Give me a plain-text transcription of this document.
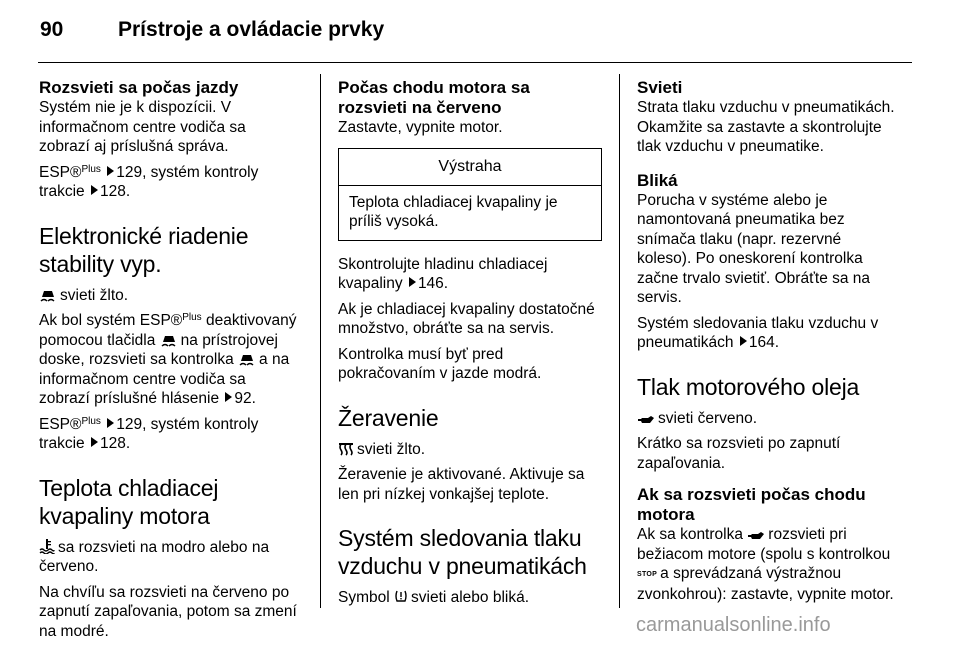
90	Prístroje a ovládacie prvky
Rozsvieti sa počas jazdy

Systém nie je k dispozícii. V
informačnom centre vodiča sa
zobrazí aj príslušná správa.

ESP®$^{Plus}$ 129, systém kontroly
trakcie 128.

Elektronické riadenie
stability vyp.

svieti žlto.

Ak bol systém ESP®$^{Plus}$ deaktivovaný
pomocou tlačidla na prístrojovej
doske, rozsvieti sa kontrolka a na
informačnom centre vodiča sa
zobrazí príslušné hlásenie 92.

ESP®$^{Plus}$ 129, systém kontroly
trakcie 128.

Teplota chladiacej
kvapaliny motora

sa rozsvieti na modro alebo na
červeno.

Na chvíľu sa rozsvieti na červeno po
zapnutí zapaľovania, potom sa zmení
na modré.

Počas chodu motora sa
rozsvieti na červeno

Zastavte, vypnite motor.

Výstraha
Teplota chladiacej kvapaliny je
príliš vysoká.

Skontrolujte hladinu chladiacej
kvapaliny 146.

Ak je chladiacej kvapaliny dostatočné
množstvo, obráťte sa na servis.

Kontrolka musí byť pred
pokračovaním v jazde modrá.

Žeravenie

svieti žlto.

Žeravenie je aktivované. Aktivuje sa
len pri nízkej vonkajšej teplote.

Systém sledovania tlaku
vzduchu v pneumatikách

Symbol svieti alebo bliká.

Svieti

Strata tlaku vzduchu v pneumatikách.
Okamžite sa zastavte a skontrolujte
tlak vzduchu v pneumatike.

Bliká

Porucha v systéme alebo je
namontovaná pneumatika bez
snímača tlaku (napr. rezervné
koleso). Po oneskorení kontrolka
začne trvalo svietiť. Obráťte sa na
servis.

Systém sledovania tlaku vzduchu v
pneumatikách 164.

Tlak motorového oleja

svieti červeno.

Krátko sa rozsvieti po zapnutí
zapaľovania.

Ak sa rozsvieti počas chodu
motora

Ak sa kontrolka rozsvieti pri
bežiacom motore (spolu s kontrolkou
STOP a sprevádzaná výstražnou
zvonkohrou): zastavte, vypnite motor.

carmanualsonline.info
